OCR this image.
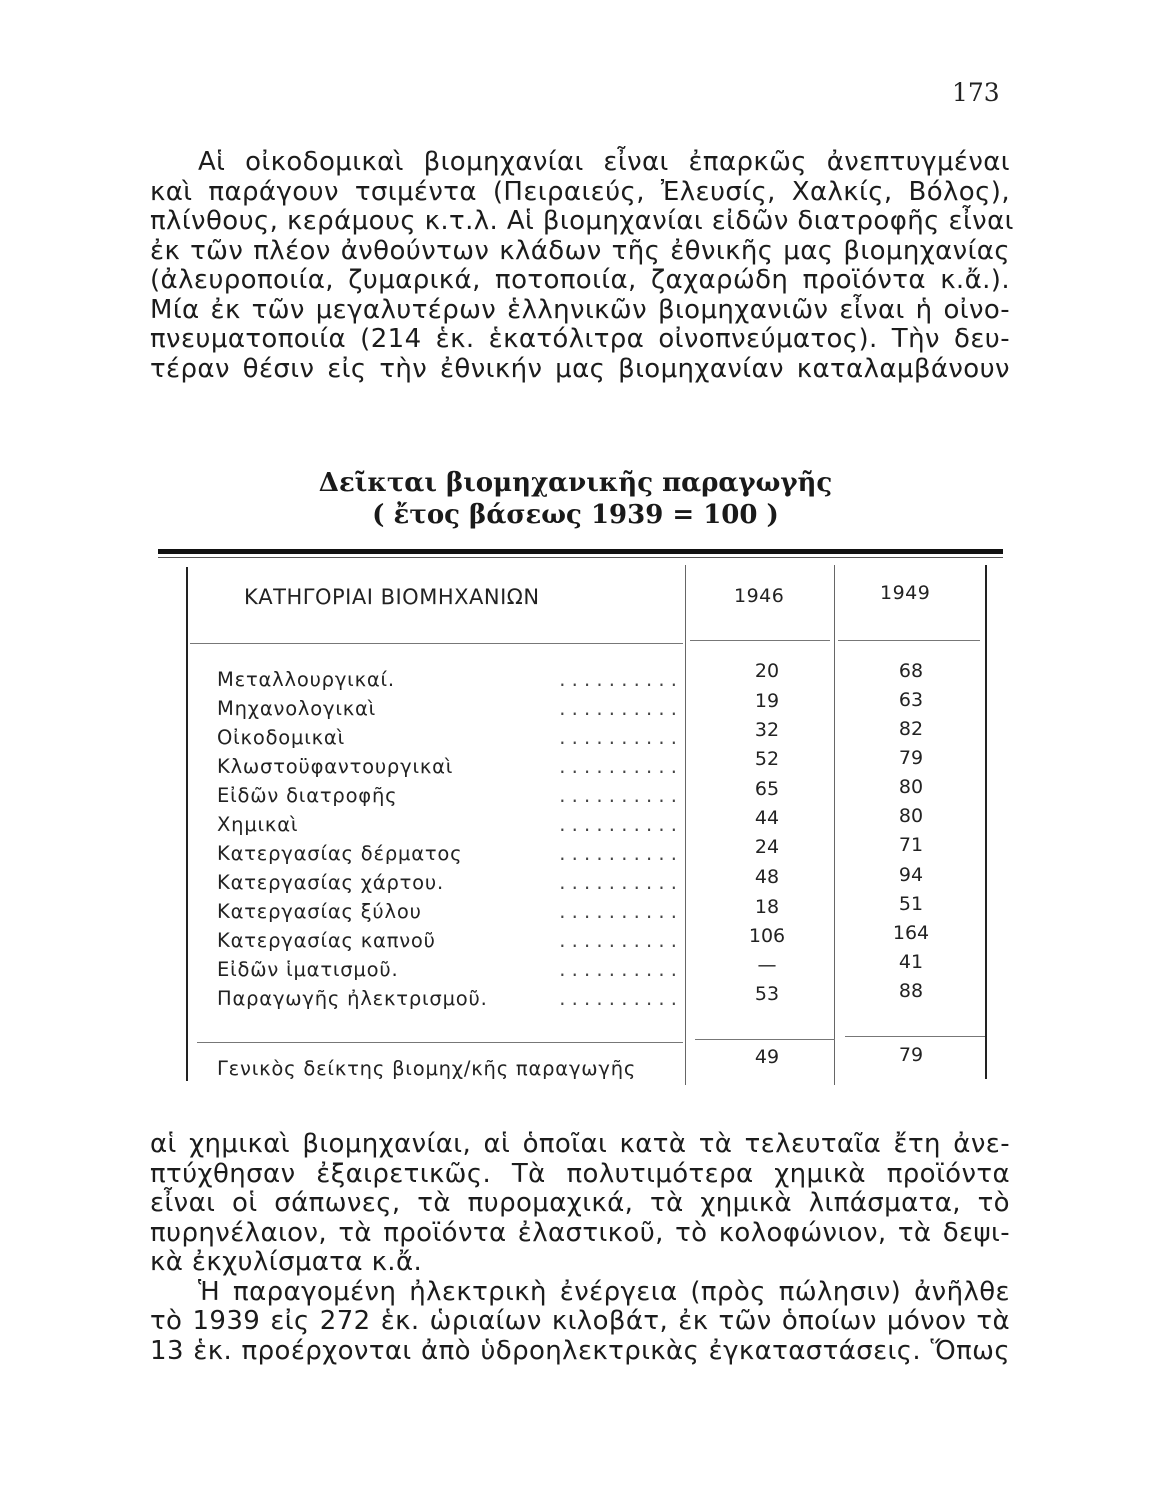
173
Αἱ οἰκοδομικαὶ βιομηχανίαι εἶναι ἐπαρκῶς ἀνεπτυγμέναι
καὶ παράγουν τσιμέντα (Πειραιεύς, Ἐλευσίς, Χαλκίς, Βόλος),
πλίνθους, κεράμους κ.τ.λ. Αἱ βιομηχανίαι εἰδῶν διατροφῆς εἶναι
ἐκ τῶν πλέον ἀνθούντων κλάδων τῆς ἐθνικῆς μας βιομηχανίας
(ἀλευροποιία, ζυμαρικά, ποτοποιία, ζαχαρώδη προϊόντα κ.ἄ.).
Μία ἐκ τῶν μεγαλυτέρων ἑλληνικῶν βιομηχανιῶν εἶναι ἡ οἰνο-
πνευματοποιία (214 ἑκ. ἑκατόλιτρα οἰνοπνεύματος). Τὴν δευ-
τέραν θέσιν εἰς τὴν ἐθνικήν μας βιομηχανίαν καταλαμβάνουν
Δεῖκται βιομηχανικῆς παραγωγῆς
( ἔτος βάσεως 1939 = 100 )
ΚΑΤΗΓΟΡΙΑΙ ΒΙΟΜΗΧΑΝΙΩΝ	1946	1949
Μεταλλουργικαί.	. . . . . . . . . .	20	68
Μηχανολογικαὶ	. . . . . . . . . .	19	63
Οἰκοδομικαὶ	. . . . . . . . . .	32	82
Κλωστοϋφαντουργικαὶ	. . . . . . . . . .	52	79
Εἰδῶν διατροφῆς	. . . . . . . . . .	65	80
Χημικαὶ	. . . . . . . . . .	44	80
Κατεργασίας δέρματος	. . . . . . . . . .	24	71
Κατεργασίας χάρτου.	. . . . . . . . . .	48	94
Κατεργασίας ξύλου	. . . . . . . . . .	18	51
Κατεργασίας καπνοῦ	. . . . . . . . . .	106	164
Εἰδῶν ἱματισμοῦ.	. . . . . . . . . .	—	41
Παραγωγῆς ἠλεκτρισμοῦ.	. . . . . . . . . .	53	88
Γενικὸς δείκτης βιομηχ/κῆς παραγωγῆς	49	79
αἱ χημικαὶ βιομηχανίαι, αἱ ὁποῖαι κατὰ τὰ τελευταῖα ἔτη ἀνε-
πτύχθησαν ἐξαιρετικῶς. Τὰ πολυτιμότερα χημικὰ προϊόντα
εἶναι οἱ σάπωνες, τὰ πυρομαχικά, τὰ χημικὰ λιπάσματα, τὸ
πυρηνέλαιον, τὰ προϊόντα ἐλαστικοῦ, τὸ κολοφώνιον, τὰ δεψι-
κὰ ἐκχυλίσματα κ.ἄ.
Ἡ παραγομένη ἠλεκτρικὴ ἐνέργεια (πρὸς πώλησιν) ἀνῆλθε
τὸ 1939 εἰς 272 ἑκ. ὡριαίων κιλοβάτ, ἐκ τῶν ὁποίων μόνον τὰ
13 ἑκ. προέρχονται ἀπὸ ὑδροηλεκτρικὰς ἐγκαταστάσεις. Ὅπως
